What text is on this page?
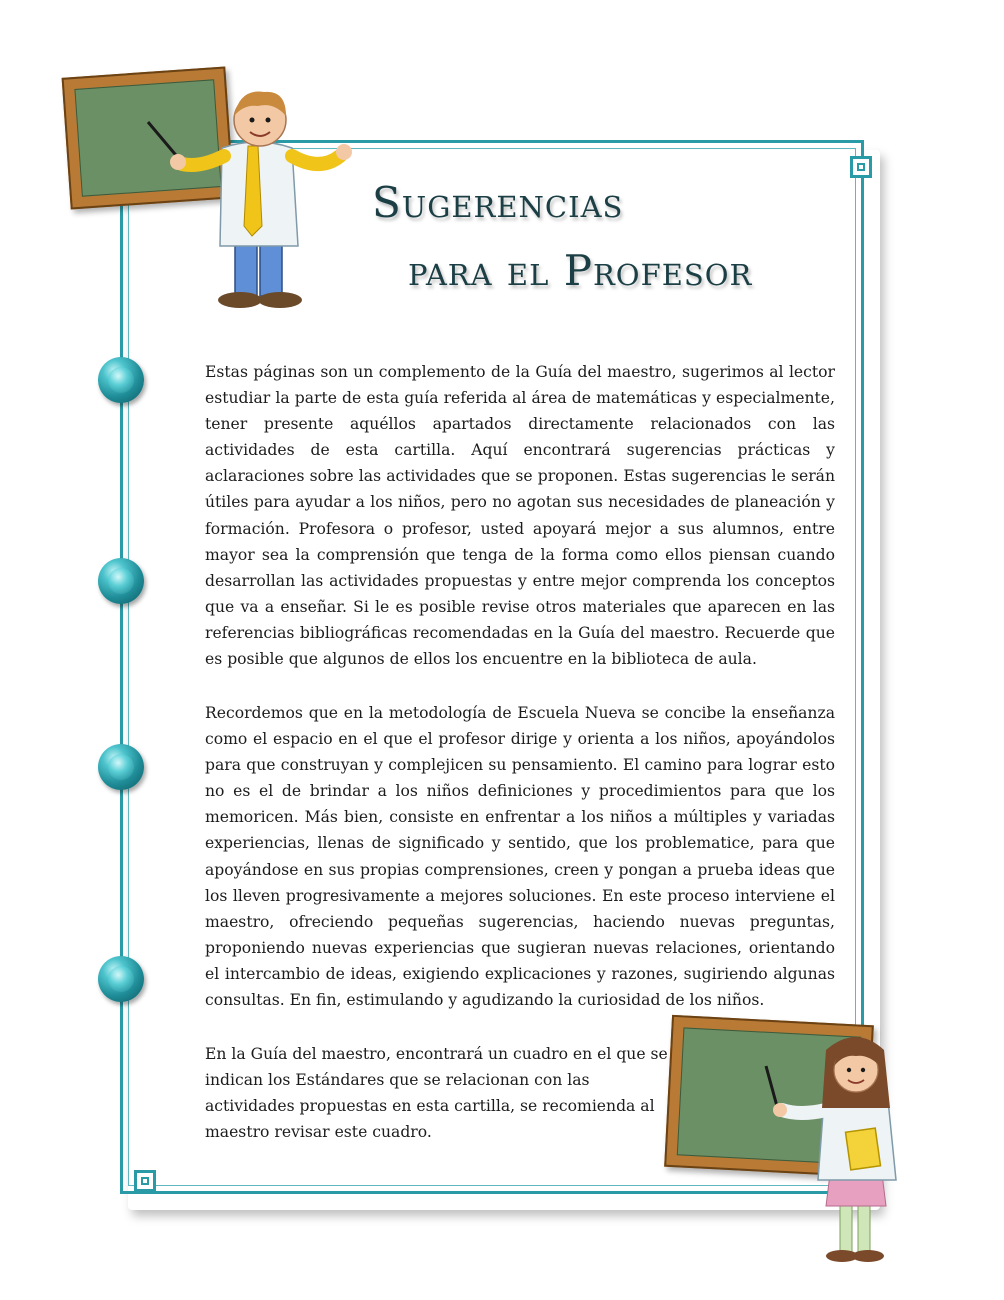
Sugerencias
para el Profesor

Estas páginas son un complemento de la Guía del maestro, sugerimos al lector estudiar la parte de esta guía referida al área de matemáticas y especialmente, tener presente aquéllos apartados directamente relacionados con las actividades de esta cartilla. Aquí encontrará sugerencias prácticas y aclaraciones sobre las actividades que se proponen. Estas sugerencias le serán útiles para ayudar a los niños, pero no agotan sus necesidades de planeación y formación. Profesora o profesor, usted apoyará mejor a sus alumnos, entre mayor sea la comprensión que tenga de la forma como ellos piensan cuando desarrollan las actividades propuestas y entre mejor comprenda los conceptos que va a enseñar. Si le es posible revise otros materiales que aparecen en las referencias bibliográficas recomendadas en la Guía del maestro. Recuerde que es posible que algunos de ellos los encuentre en la biblioteca de aula.

Recordemos que en la metodología de Escuela Nueva se concibe la enseñanza como el espacio en el que el profesor dirige y orienta a los niños, apoyándolos para que construyan y complejicen su pensamiento. El camino para lograr esto no es el de brindar a los niños definiciones y procedimientos para que los memoricen. Más bien, consiste en enfrentar a los niños a múltiples y variadas experiencias, llenas de significado y sentido, que los problematice, para que apoyándose en sus propias comprensiones, creen y pongan a prueba ideas que los lleven progresivamente a mejores soluciones. En este proceso interviene el maestro, ofreciendo pequeñas sugerencias, haciendo nuevas preguntas, proponiendo nuevas experiencias que sugieran nuevas relaciones, orientando el intercambio de ideas, exigiendo explicaciones y razones, sugiriendo algunas consultas. En fin, estimulando y agudizando la curiosidad de los niños.

En la Guía del maestro, encontrará un cuadro en el que se indican los Estándares que se relacionan con las actividades propuestas en esta cartilla, se recomienda al maestro revisar este cuadro.
